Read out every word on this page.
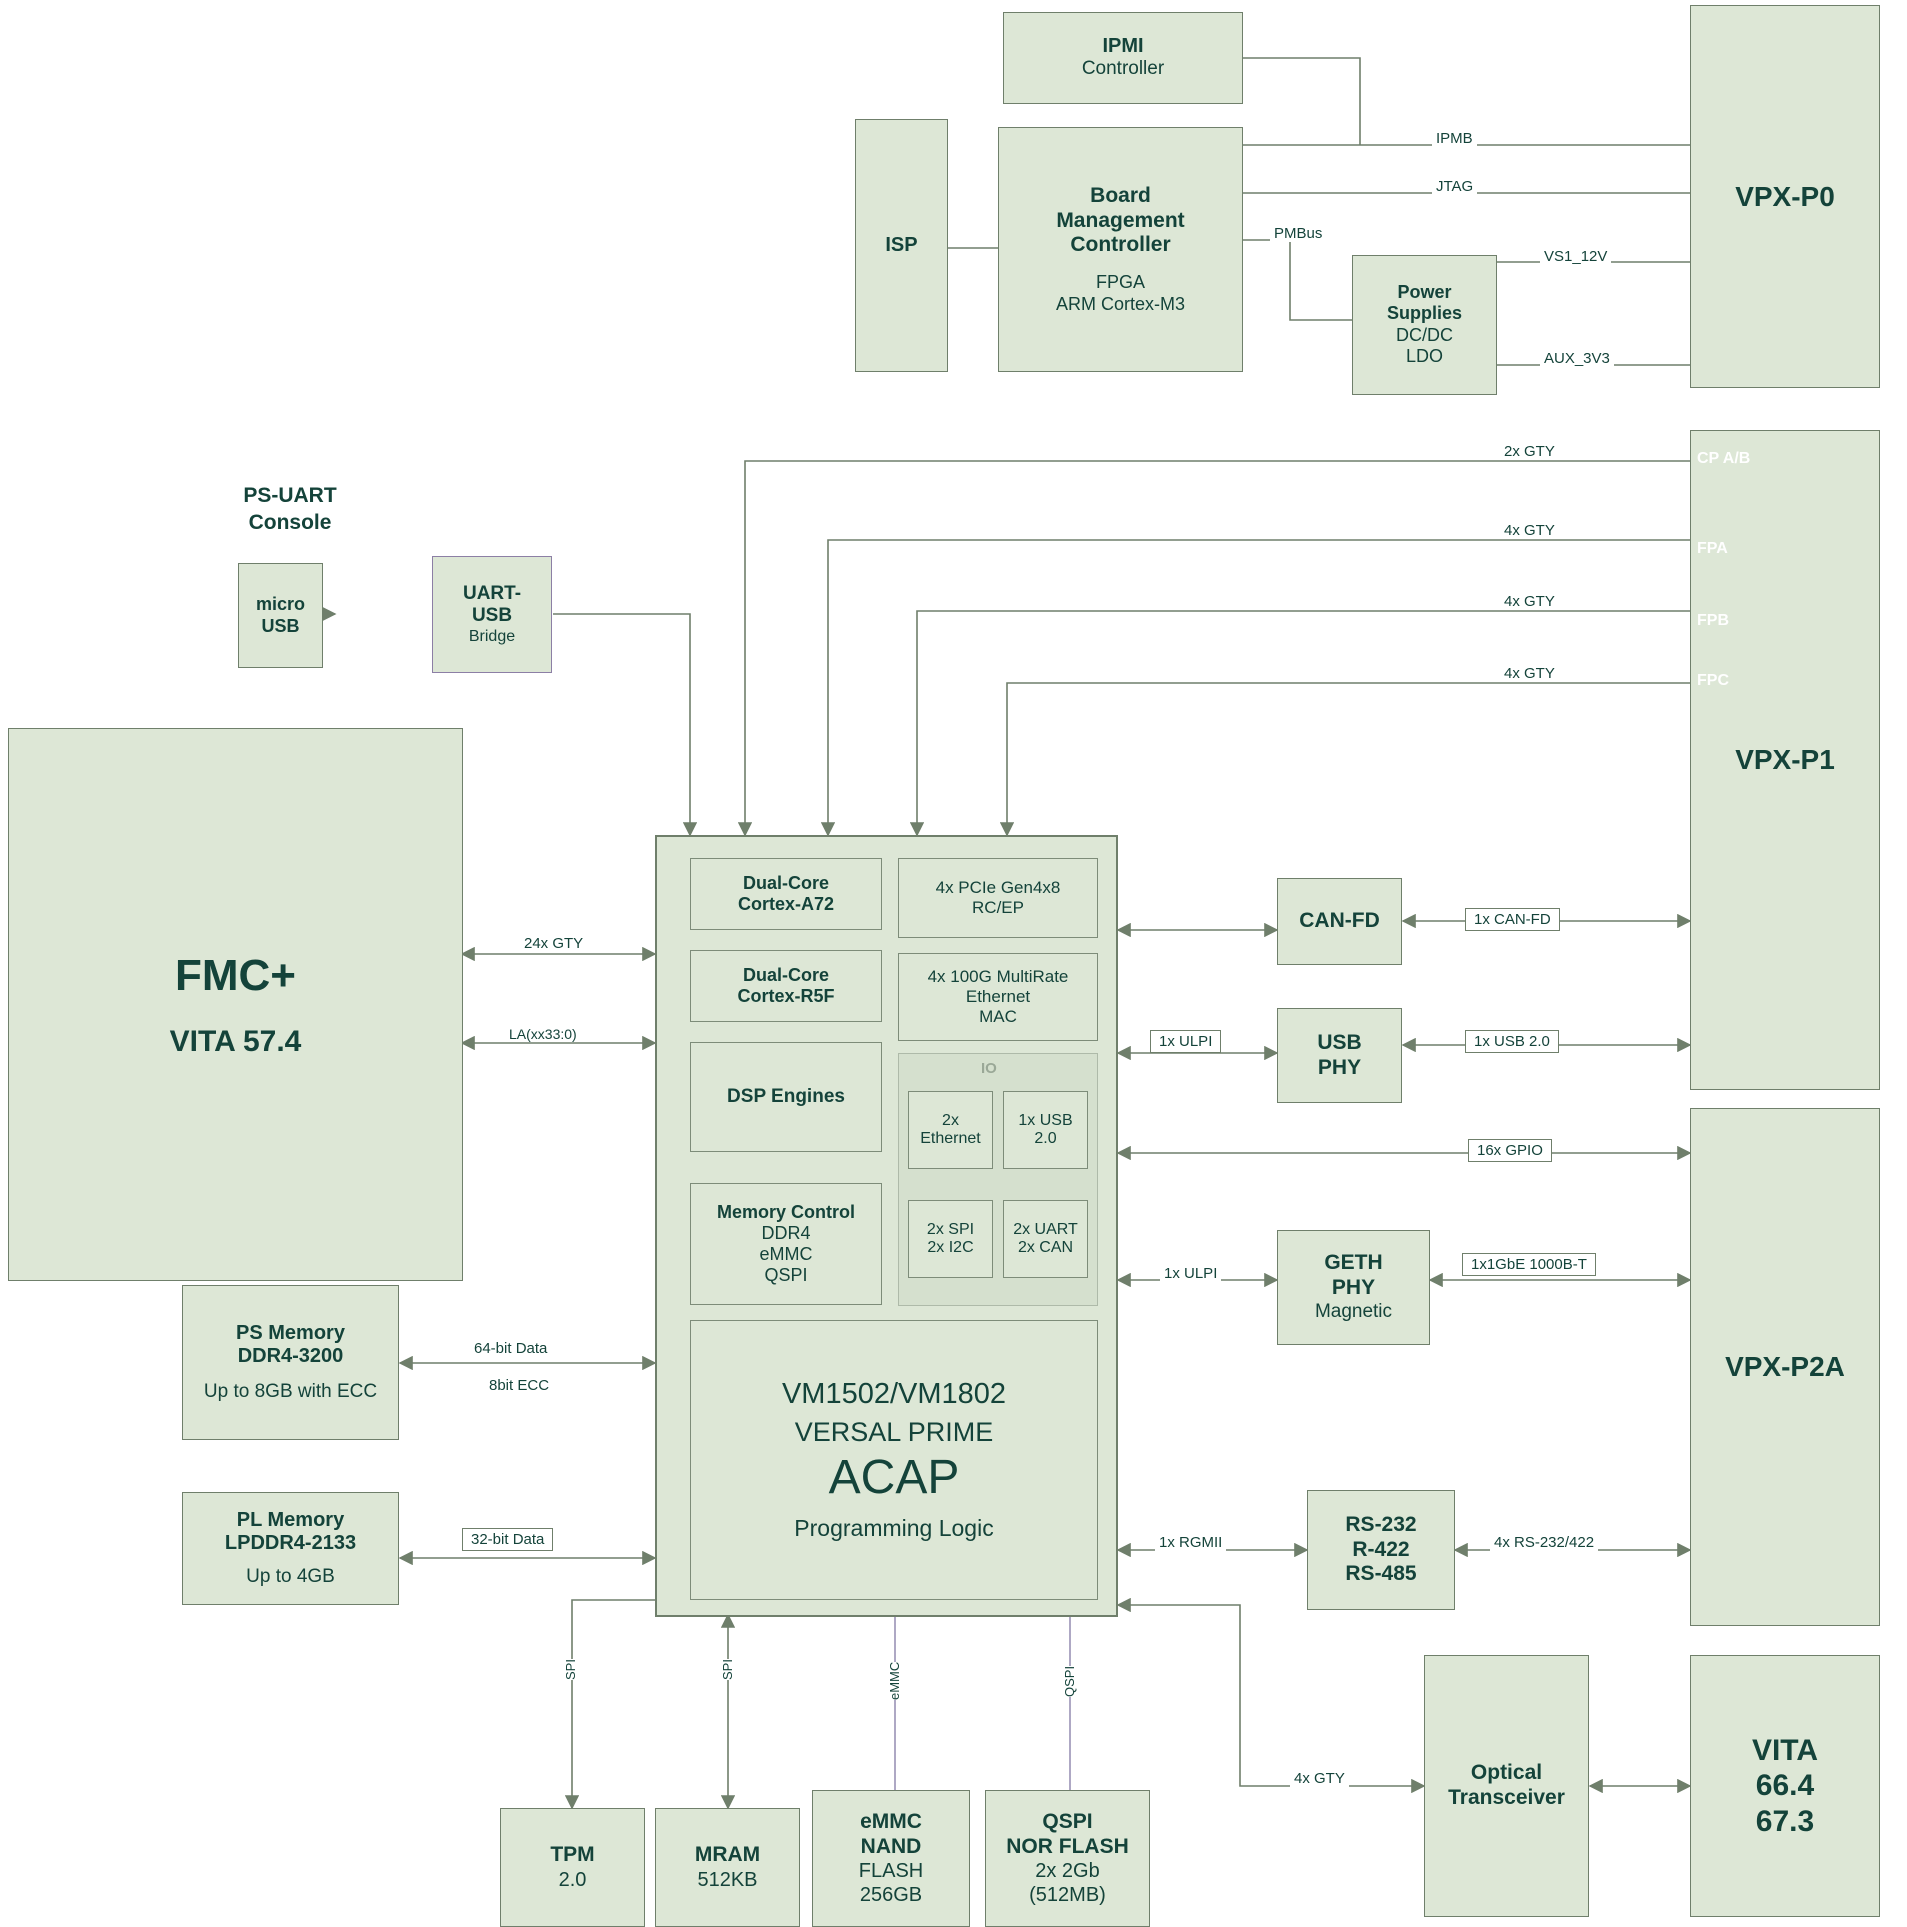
IPMI
Controller
ISP
Board
Management
Controller
FPGA
ARM Cortex-M3
Power
Supplies
DC/DC
LDO
VPX-P0
IPMB
JTAG
PMBus
VS1_12V
AUX_3V3
VPX-P1
CP A/B
FPA
FPB
FPC
2x GTY
4x GTY
4x GTY
4x GTY
VPX-P2A
PS-UART
Console
micro
USB
UART-
USB
Bridge
FMC+
VITA 57.4
24x GTY
LA(xx33:0)
PS Memory
DDR4-3200
Up to 8GB with ECC
64-bit Data
8bit ECC
PL Memory
LPDDR4-2133
Up to 4GB
32-bit Data
Dual-Core
Cortex-A72
Dual-Core
Cortex-R5F
DSP Engines
Memory Control
DDR4
eMMC
QSPI
4x PCIe Gen4x8
RC/EP
4x 100G MultiRate
Ethernet
MAC
IO
2x
Ethernet
1x USB
2.0
2x SPI
2x I2C
2x UART
2x CAN
VM1502/VM1802
VERSAL PRIME
ACAP
Programming Logic
CAN-FD	1x CAN-FD
USB
PHY
1x ULPI	1x USB 2.0
16x GPIO
GETH
PHY
Magnetic
1x ULPI
1x1GbE 1000B-T
RS-232
R-422
RS-485
1x RGMII	4x RS-232/422
Optical
Transceiver
4x GTY
VITA
66.4
67.3
TPM
2.0
MRAM
512KB
eMMC
NAND
FLASH
256GB
QSPI
NOR FLASH
2x 2Gb
(512MB)
SPI	SPI	eMMC	QSPI
